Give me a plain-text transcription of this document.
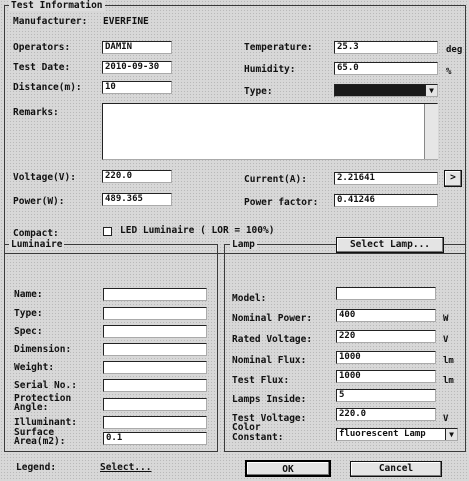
Test Information
Manufacturer: EVERFINE
Operators:	DAMIN
Test Date:	2010-09-30
Distance(m):	10
Temperature:	25.3	deg
Humidity:	65.0	%
Type:	▼
Remarks:
Voltage(V):	220.0
Power(W):	489.365
Current(A):	2.21641	>
Power factor:	0.41246
Compact:	LED Luminaire ( LOR = 100%)
Luminaire
Name:
Type:
Spec:
Dimension:
Weight:
Serial No.:
Protection Angle:
Illuminant:
Surface Area(m2):	0.1
Lamp	Select Lamp...
Model:
Nominal Power:	400	W
Rated Voltage:	220	V
Nominal Flux:	1000	lm
Test Flux:	1000	lm
Lamps Inside:	5
Test Voltage:	220.0	V
Color Constant:	fluorescent Lamp	▼
Legend:	Select...	OK	Cancel
